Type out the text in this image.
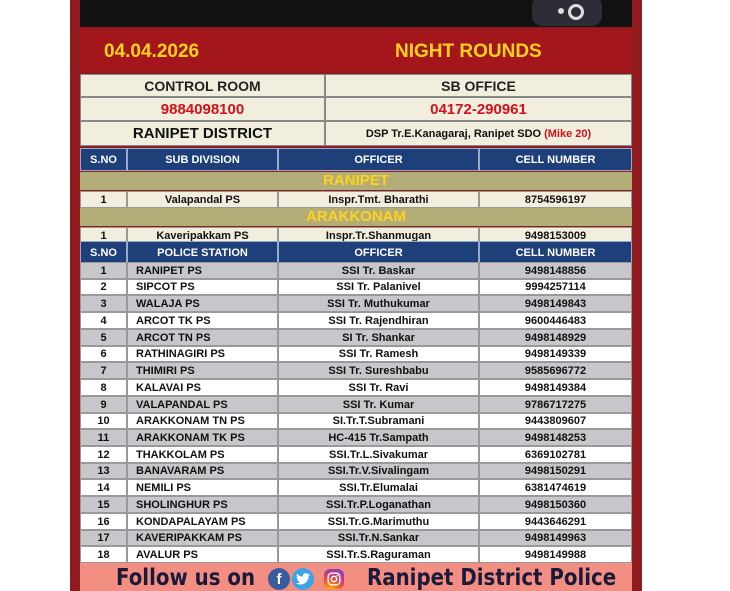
04.04.2026	NIGHT ROUNDS
CONTROL ROOM	SB OFFICE
9884098100	04172-290961
RANIPET DISTRICT	DSP Tr.E.Kanagaraj, Ranipet SDO (Mike 20)
S.NO	SUB DIVISION	OFFICER	CELL NUMBER
RANIPET
1	Valapandal PS	Inspr.Tmt. Bharathi	8754596197
ARAKKONAM
1	Kaveripakkam PS	Inspr.Tr.Shanmugan	9498153009
S.NO	POLICE STATION	OFFICER	CELL NUMBER
1	RANIPET PS	SSI Tr. Baskar	9498148856
2	SIPCOT PS	SSI Tr. Palanivel	9994257114
3	WALAJA PS	SSI Tr. Muthukumar	9498149843
4	ARCOT TK PS	SSI Tr. Rajendhiran	9600446483
5	ARCOT TN PS	SI Tr. Shankar	9498148929
6	RATHINAGIRI PS	SSI Tr. Ramesh	9498149339
7	THIMIRI PS	SSI Tr. Sureshbabu	9585696772
8	KALAVAI PS	SSI Tr. Ravi	9498149384
9	VALAPANDAL PS	SSI Tr. Kumar	9786717275
10	ARAKKONAM TN PS	SI.Tr.T.Subramani	9443809607
11	ARAKKONAM TK PS	HC-415 Tr.Sampath	9498148253
12	THAKKOLAM PS	SSI.Tr.L.Sivakumar	6369102781
13	BANAVARAM PS	SSI.Tr.V.Sivalingam	9498150291
14	NEMILI PS	SSI.Tr.Elumalai	6381474619
15	SHOLINGHUR PS	SSI.Tr.P.Loganathan	9498150360
16	KONDAPALAYAM PS	SSI.Tr.G.Marimuthu	9443646291
17	KAVERIPAKKAM PS	SSI.Tr.N.Sankar	9498149963
18	AVALUR PS	SSI.Tr.S.Raguraman	9498149988
Follow us on	f	Ranipet District Police
